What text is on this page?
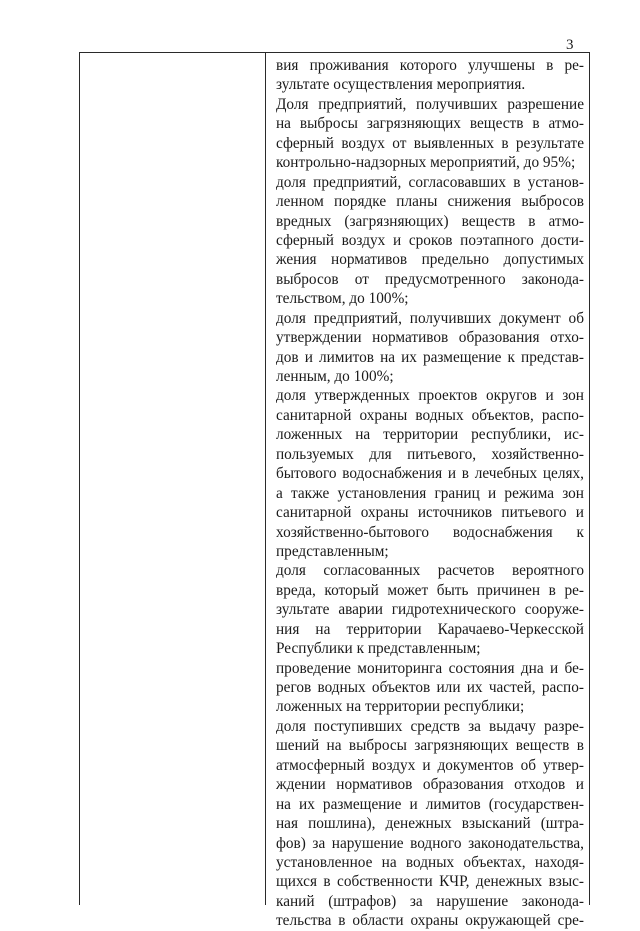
3
вия проживания которого улучшены в ре-
зультате осуществления мероприятия.
Доля предприятий, получивших разрешение
на выбросы загрязняющих веществ в атмо-
сферный воздух от выявленных в результате
контрольно-надзорных мероприятий, до 95%;
доля предприятий, согласовавших в установ-
ленном порядке планы снижения выбросов
вредных (загрязняющих) веществ в атмо-
сферный воздух и сроков поэтапного дости-
жения нормативов предельно допустимых
выбросов от предусмотренного законода-
тельством, до 100%;
доля предприятий, получивших документ об
утверждении нормативов образования отхо-
дов и лимитов на их размещение к представ-
ленным, до 100%;
доля утвержденных проектов округов и зон
санитарной охраны водных объектов, распо-
ложенных на территории республики, ис-
пользуемых для питьевого, хозяйственно-
бытового водоснабжения и в лечебных целях,
а также установления границ и режима зон
санитарной охраны источников питьевого и
хозяйственно-бытового водоснабжения к
представленным;
доля согласованных расчетов вероятного
вреда, который может быть причинен в ре-
зультате аварии гидротехнического сооруже-
ния на территории Карачаево-Черкесской
Республики к представленным;
проведение мониторинга состояния дна и бе-
регов водных объектов или их частей, распо-
ложенных на территории республики;
доля поступивших средств за выдачу разре-
шений на выбросы загрязняющих веществ в
атмосферный воздух и документов об утвер-
ждении нормативов образования отходов и
на их размещение и лимитов (государствен-
ная пошлина), денежных взысканий (штра-
фов) за нарушение водного законодательства,
установленное на водных объектах, находя-
щихся в собственности КЧР, денежных взыс-
каний (штрафов) за нарушение законода-
тельства в области охраны окружающей сре-
